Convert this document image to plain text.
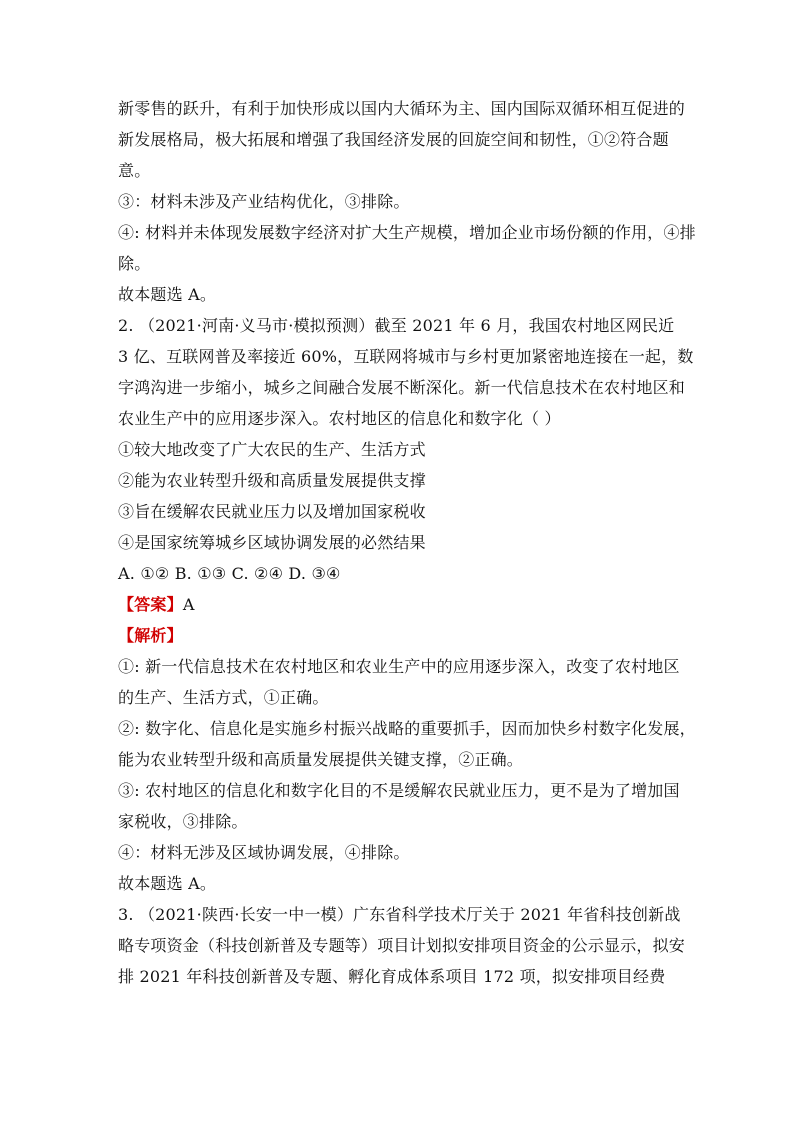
新零售的跃升，有利于加快形成以国内大循环为主、国内国际双循环相互促进的
新发展格局，极大拓展和增强了我国经济发展的回旋空间和韧性，①②符合题
意。
③：材料未涉及产业结构优化，③排除。
④: 材料并未体现发展数字经济对扩大生产规模，增加企业市场份额的作用，④排
除。
故本题选 A。
2. （2021·河南·义马市·模拟预测）截至 2021 年 6 月，我国农村地区网民近
3 亿、互联网普及率接近 60%，互联网将城市与乡村更加紧密地连接在一起，数
字鸿沟进一步缩小，城乡之间融合发展不断深化。新一代信息技术在农村地区和
农业生产中的应用逐步深入。农村地区的信息化和数字化（ ）
①较大地改变了广大农民的生产、生活方式
②能为农业转型升级和高质量发展提供支撑
③旨在缓解农民就业压力以及增加国家税收
④是国家统筹城乡区域协调发展的必然结果
A. ①② B. ①③ C. ②④ D. ③④
【答案】A
【解析】
①: 新一代信息技术在农村地区和农业生产中的应用逐步深入，改变了农村地区
的生产、生活方式，①正确。
②: 数字化、信息化是实施乡村振兴战略的重要抓手，因而加快乡村数字化发展，
能为农业转型升级和高质量发展提供关键支撑，②正确。
③: 农村地区的信息化和数字化目的不是缓解农民就业压力，更不是为了增加国
家税收，③排除。
④：材料无涉及区域协调发展，④排除。
故本题选 A。
3. （2021·陕西·长安一中一模）广东省科学技术厅关于 2021 年省科技创新战
略专项资金（科技创新普及专题等）项目计划拟安排项目资金的公示显示，拟安
排 2021 年科技创新普及专题、孵化育成体系项目 172 项，拟安排项目经费
